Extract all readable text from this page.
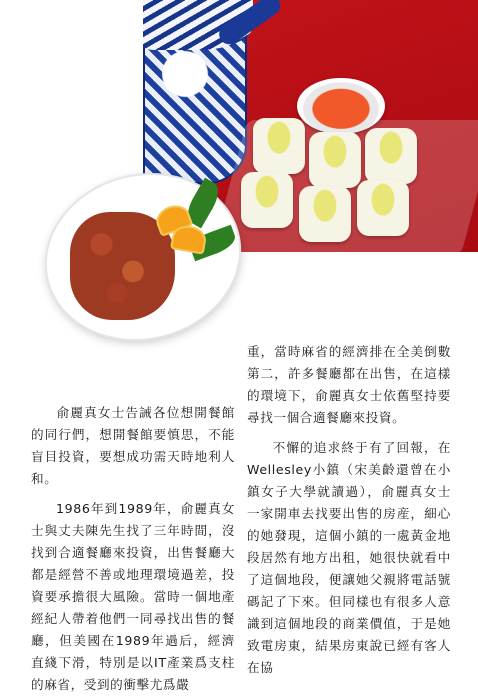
俞麗真女士告誡各位想開餐館的同行們，想開餐館要慎思，不能盲目投資，要想成功需天時地利人和。

1986年到1989年，俞麗真女士與丈夫陳先生找了三年時間，沒找到合適餐廳來投資，出售餐廳大都是經營不善或地理環境過差，投資要承擔很大風險。當時一個地產經紀人帶着他們一同尋找出售的餐廳，但美國在1989年過后，經濟直綫下滑，特別是以IT產業爲支柱的麻省，受到的衝擊尤爲嚴

重，當時麻省的經濟排在全美倒數第二，許多餐廳都在出售，在這樣的環境下，俞麗真女士依舊堅持要尋找一個合適餐廳來投資。

不懈的追求終于有了回報，在Wellesley小鎮（宋美齡還曾在小鎮女子大學就讀過），俞麗真女士一家開車去找要出售的房産，細心的她發現，這個小鎮的一處黃金地段居然有地方出租，她很快就看中了這個地段，便讓她父親將電話號碼記了下來。但同樣也有很多人意識到這個地段的商業價值，于是她致電房東，結果房東說已經有客人在協
